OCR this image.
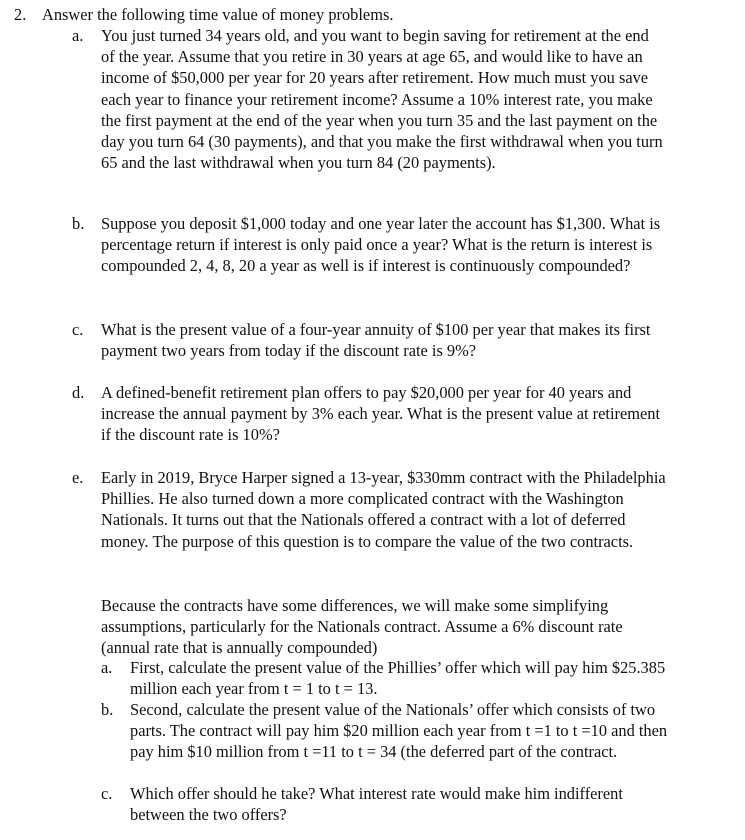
2. Answer the following time value of money problems.
a. You just turned 34 years old, and you want to begin saving for retirement at the end of the year. Assume that you retire in 30 years at age 65, and would like to have an income of $50,000 per year for 20 years after retirement. How much must you save each year to finance your retirement income? Assume a 10% interest rate, you make the first payment at the end of the year when you turn 35 and the last payment on the day you turn 64 (30 payments), and that you make the first withdrawal when you turn 65 and the last withdrawal when you turn 84 (20 payments).
b. Suppose you deposit $1,000 today and one year later the account has $1,300. What is percentage return if interest is only paid once a year? What is the return is interest is compounded 2, 4, 8, 20 a year as well is if interest is continuously compounded?
c. What is the present value of a four-year annuity of $100 per year that makes its first payment two years from today if the discount rate is 9%?
d. A defined-benefit retirement plan offers to pay $20,000 per year for 40 years and increase the annual payment by 3% each year. What is the present value at retirement if the discount rate is 10%?
e. Early in 2019, Bryce Harper signed a 13-year, $330mm contract with the Philadelphia Phillies. He also turned down a more complicated contract with the Washington Nationals. It turns out that the Nationals offered a contract with a lot of deferred money. The purpose of this question is to compare the value of the two contracts.
Because the contracts have some differences, we will make some simplifying assumptions, particularly for the Nationals contract. Assume a 6% discount rate (annual rate that is annually compounded)
a. First, calculate the present value of the Phillies’ offer which will pay him $25.385 million each year from t = 1 to t = 13.
b. Second, calculate the present value of the Nationals’ offer which consists of two parts. The contract will pay him $20 million each year from t =1 to t =10 and then pay him $10 million from t =11 to t = 34 (the deferred part of the contract.
c. Which offer should he take? What interest rate would make him indifferent between the two offers?
